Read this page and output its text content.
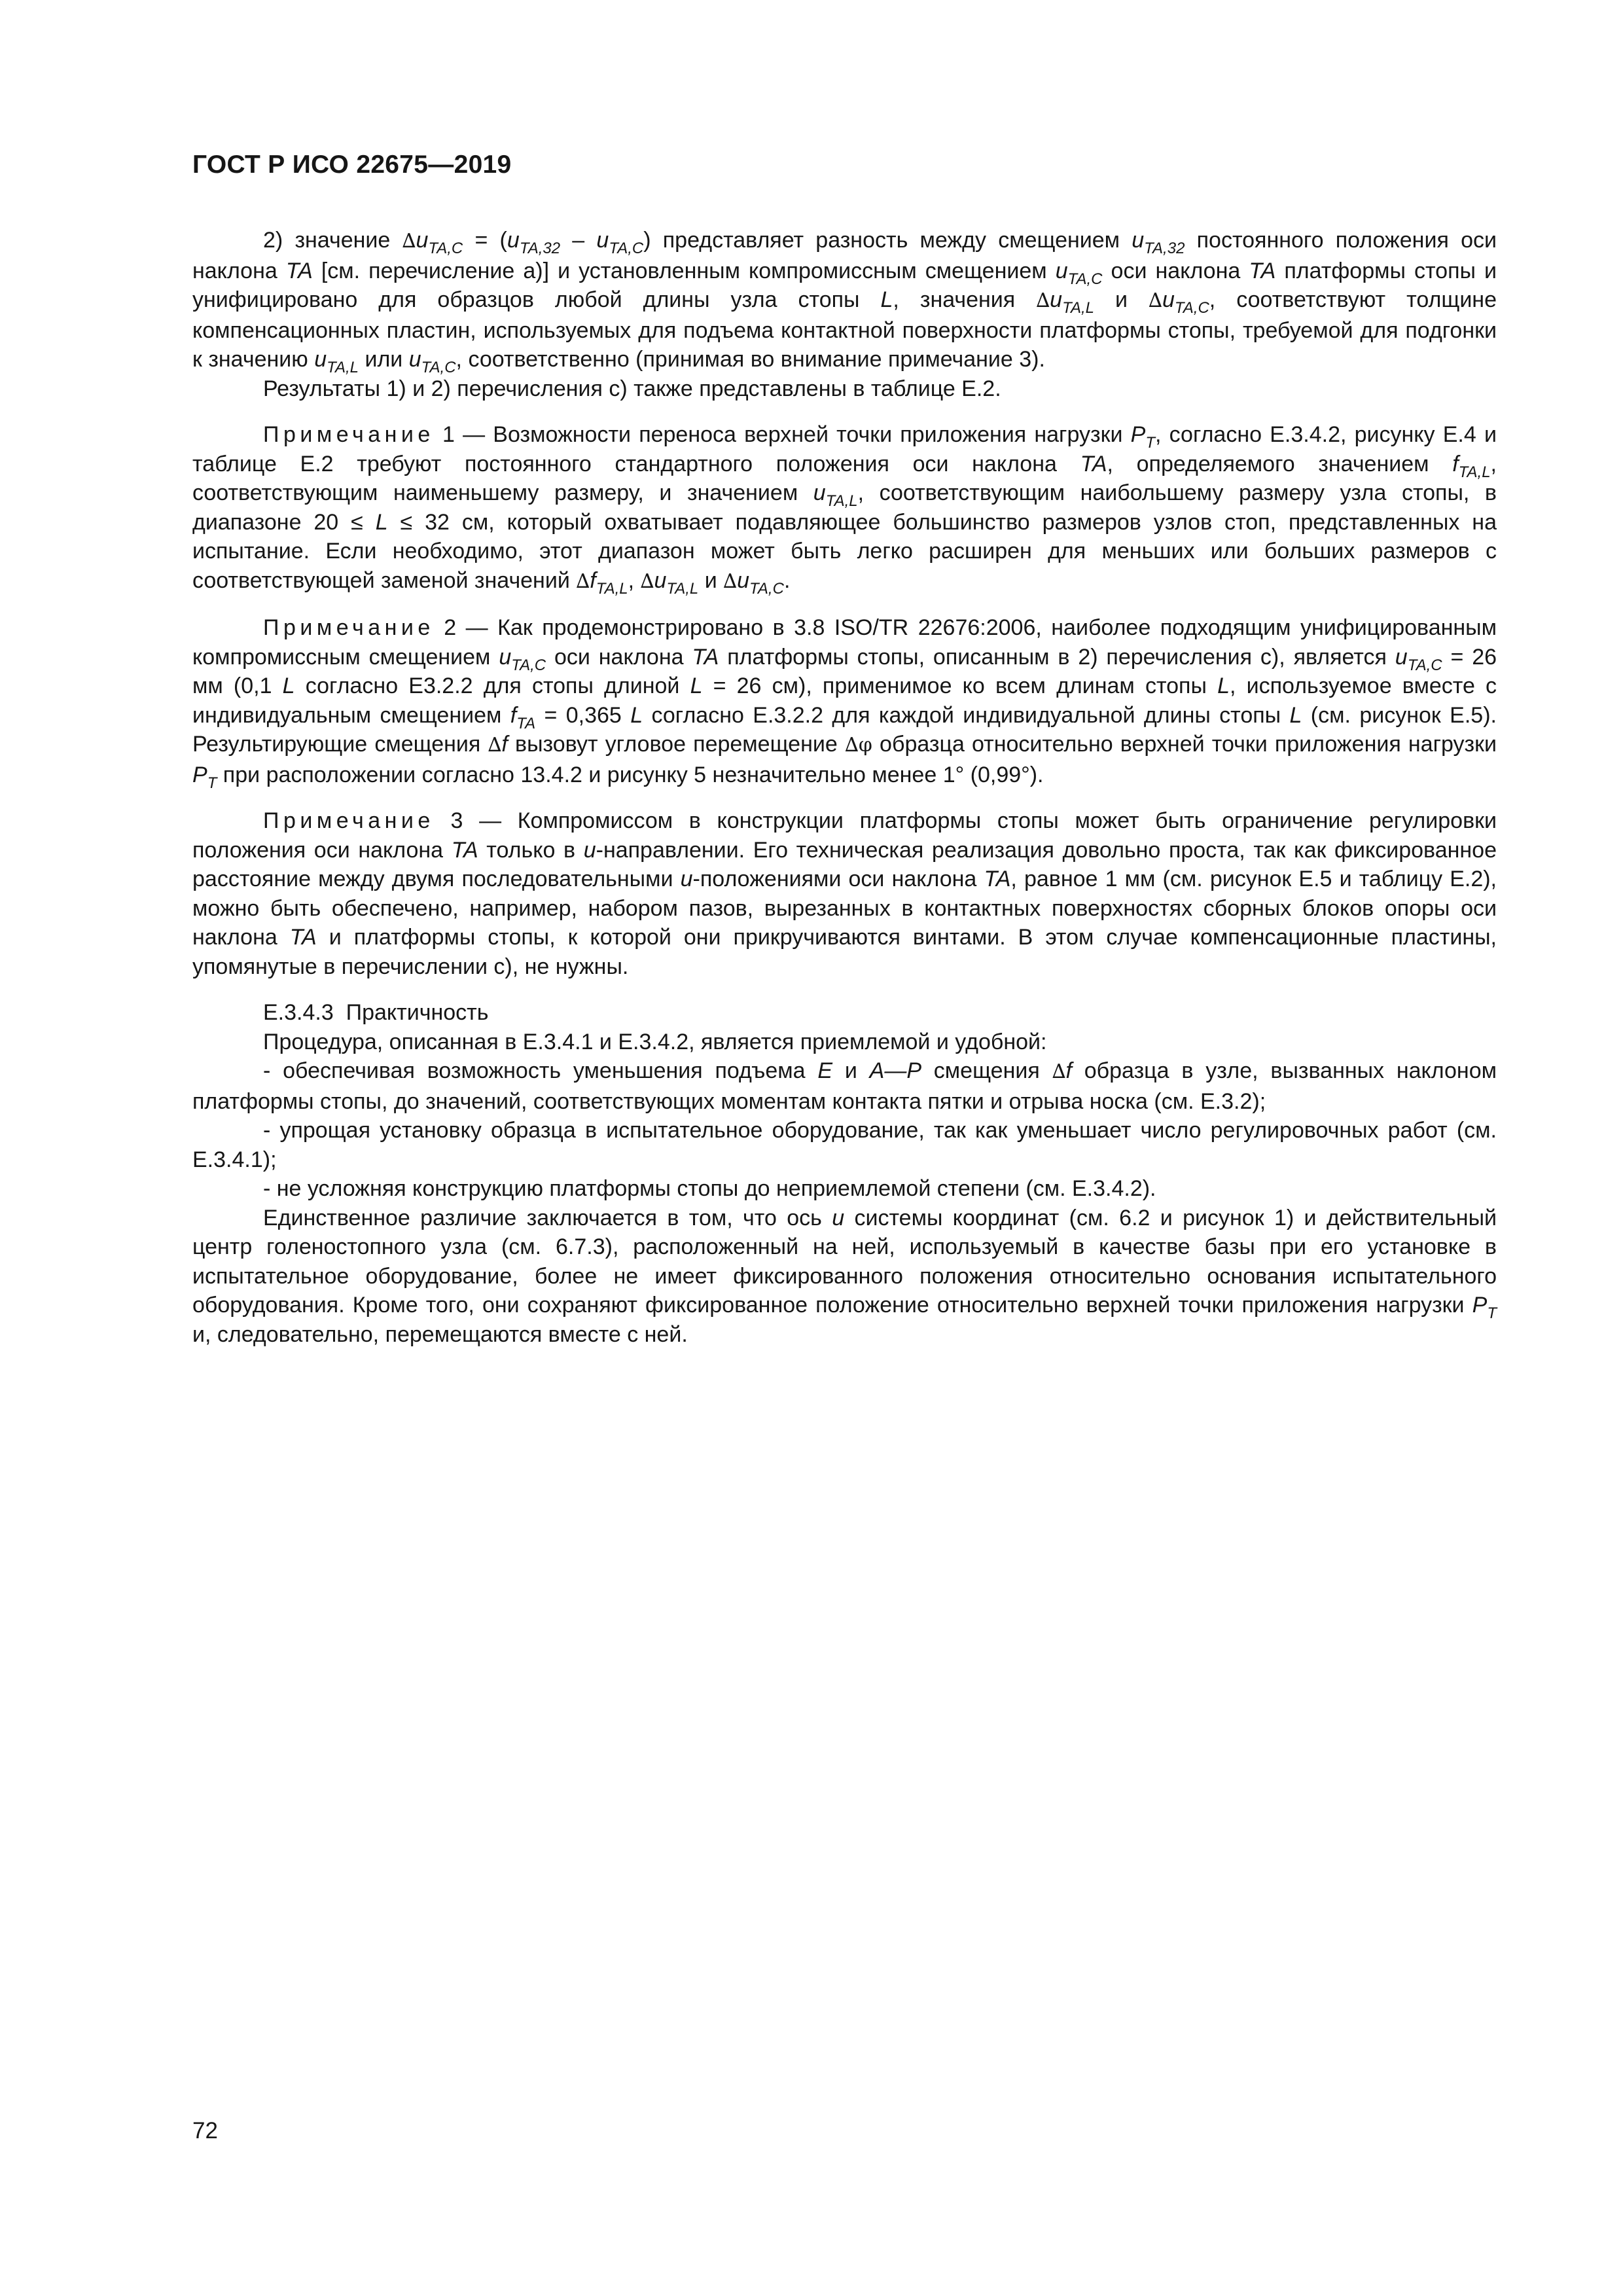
ГОСТ Р ИСО 22675—2019

2) значение $\Delta u_{TA,C} = (u_{TA,32} - u_{TA,C})$ представляет разность между смещением $u_{TA,32}$ постоянного положения оси наклона TA [см. перечисление а)] и установленным компромиссным смещением $u_{TA,C}$ оси наклона TA платформы стопы и унифицировано для образцов любой длины узла стопы L, значения $\Delta u_{TA,L}$ и $\Delta u_{TA,C}$, соответствуют толщине компенсационных пластин, используемых для подъема контактной поверхности платформы стопы, требуемой для подгонки к значению $u_{TA,L}$ или $u_{TA,C}$, соответственно (принимая во внимание примечание 3).

Результаты 1) и 2) перечисления с) также представлены в таблице Е.2.

Примечание 1 — Возможности переноса верхней точки приложения нагрузки $P_T$, согласно Е.3.4.2, рисунку Е.4 и таблице Е.2 требуют постоянного стандартного положения оси наклона TA, определяемого значением $f_{TA,L}$, соответствующим наименьшему размеру, и значением $u_{TA,L}$, соответствующим наибольшему размеру узла стопы, в диапазоне 20 ≤ L ≤ 32 см, который охватывает подавляющее большинство размеров узлов стоп, представленных на испытание. Если необходимо, этот диапазон может быть легко расширен для меньших или больших размеров с соответствующей заменой значений $\Delta f_{TA,L}$, $\Delta u_{TA,L}$ и $\Delta u_{TA,C}$.

Примечание 2 — Как продемонстрировано в 3.8 ISO/TR 22676:2006, наиболее подходящим унифицированным компромиссным смещением $u_{TA,C}$ оси наклона TA платформы стопы, описанным в 2) перечисления с), является $u_{TA,C} = 26$ мм (0,1 L согласно Е3.2.2 для стопы длиной L = 26 см), применимое ко всем длинам стопы L, используемое вместе с индивидуальным смещением $f_{TA} = 0,365$ L согласно Е.3.2.2 для каждой индивидуальной длины стопы L (см. рисунок Е.5). Результирующие смещения ∆f вызовут угловое перемещение ∆φ образца относительно верхней точки приложения нагрузки $P_T$ при расположении согласно 13.4.2 и рисунку 5 незначительно менее 1° (0,99°).

Примечание 3 — Компромиссом в конструкции платформы стопы может быть ограничение регулировки положения оси наклона TA только в u-направлении. Его техническая реализация довольно проста, так как фиксированное расстояние между двумя последовательными u-положениями оси наклона TA, равное 1 мм (см. рисунок Е.5 и таблицу Е.2), можно быть обеспечено, например, набором пазов, вырезанных в контактных поверхностях сборных блоков опоры оси наклона TA и платформы стопы, к которой они прикручиваются винтами. В этом случае компенсационные пластины, упомянутые в перечислении с), не нужны.

E.3.4.3 Практичность

Процедура, описанная в Е.3.4.1 и Е.3.4.2, является приемлемой и удобной:

- обеспечивая возможность уменьшения подъема E и A—P смещения ∆f образца в узле, вызванных наклоном платформы стопы, до значений, соответствующих моментам контакта пятки и отрыва носка (см. Е.3.2);

- упрощая установку образца в испытательное оборудование, так как уменьшает число регулировочных работ (см. Е.3.4.1);

- не усложняя конструкцию платформы стопы до неприемлемой степени (см. Е.3.4.2).

Единственное различие заключается в том, что ось u системы координат (см. 6.2 и рисунок 1) и действительный центр голеностопного узла (см. 6.7.3), расположенный на ней, используемый в качестве базы при его установке в испытательное оборудование, более не имеет фиксированного положения относительно основания испытательного оборудования. Кроме того, они сохраняют фиксированное положение относительно верхней точки приложения нагрузки $P_T$ и, следовательно, перемещаются вместе с ней.

72
